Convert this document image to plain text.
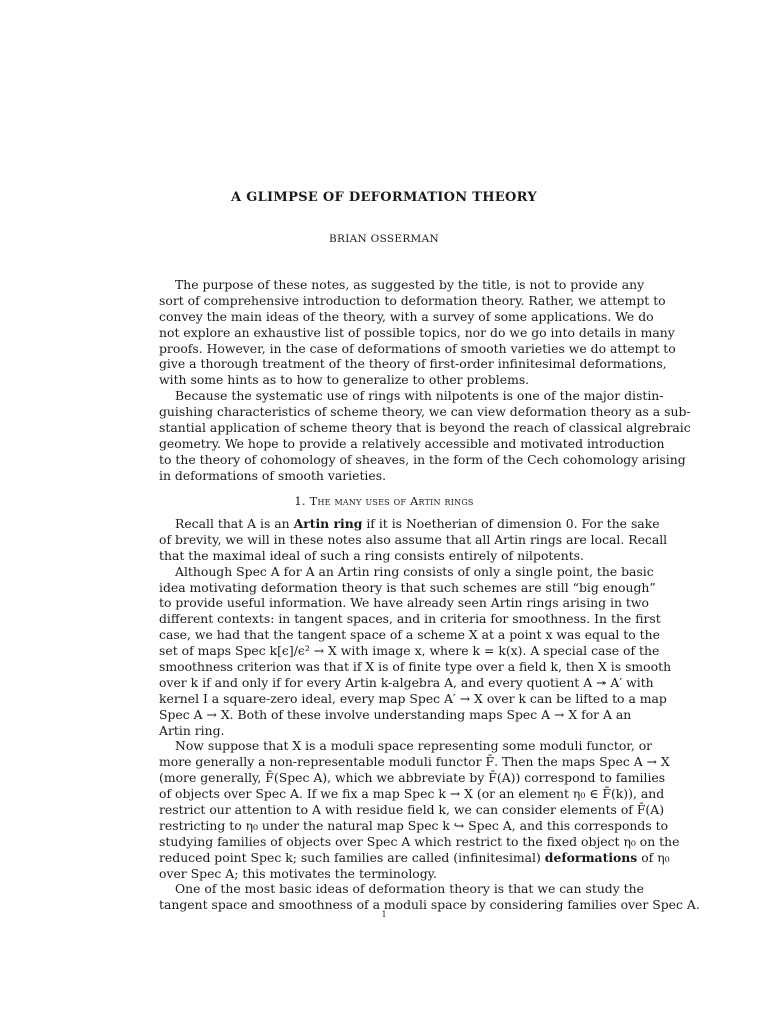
A GLIMPSE OF DEFORMATION THEORY
BRIAN OSSERMAN
The purpose of these notes, as suggested by the title, is not to provide any
sort of comprehensive introduction to deformation theory. Rather, we attempt to
convey the main ideas of the theory, with a survey of some applications. We do
not explore an exhaustive list of possible topics, nor do we go into details in many
proofs. However, in the case of deformations of smooth varieties we do attempt to
give a thorough treatment of the theory of first-order infinitesimal deformations,
with some hints as to how to generalize to other problems.
Because the systematic use of rings with nilpotents is one of the major distin-
guishing characteristics of scheme theory, we can view deformation theory as a sub-
stantial application of scheme theory that is beyond the reach of classical algrebraic
geometry. We hope to provide a relatively accessible and motivated introduction
to the theory of cohomology of sheaves, in the form of the Cech cohomology arising
in deformations of smooth varieties.
1. The many uses of Artin rings
Recall that A is an Artin ring if it is Noetherian of dimension 0. For the sake
of brevity, we will in these notes also assume that all Artin rings are local. Recall
that the maximal ideal of such a ring consists entirely of nilpotents.
Although Spec A for A an Artin ring consists of only a single point, the basic
idea motivating deformation theory is that such schemes are still “big enough”
to provide useful information. We have already seen Artin rings arising in two
different contexts: in tangent spaces, and in criteria for smoothness. In the first
case, we had that the tangent space of a scheme X at a point x was equal to the
set of maps Spec k[ϵ]/ϵ² → X with image x, where k = k(x). A special case of the
smoothness criterion was that if X is of finite type over a field k, then X is smooth
over k if and only if for every Artin k-algebra A, and every quotient A ↠ A′ with
kernel I a square-zero ideal, every map Spec A′ → X over k can be lifted to a map
Spec A → X. Both of these involve understanding maps Spec A → X for A an
Artin ring.
Now suppose that X is a moduli space representing some moduli functor, or
more generally a non-representable moduli functor F̄. Then the maps Spec A → X
(more generally, F̄(Spec A), which we abbreviate by F̄(A)) correspond to families
of objects over Spec A. If we fix a map Spec k → X (or an element η₀ ∈ F̄(k)), and
restrict our attention to A with residue field k, we can consider elements of F̄(A)
restricting to η₀ under the natural map Spec k ↪ Spec A, and this corresponds to
studying families of objects over Spec A which restrict to the fixed object η₀ on the
reduced point Spec k; such families are called (infinitesimal) deformations of η₀
over Spec A; this motivates the terminology.
One of the most basic ideas of deformation theory is that we can study the
tangent space and smoothness of a moduli space by considering families over Spec A.
1
